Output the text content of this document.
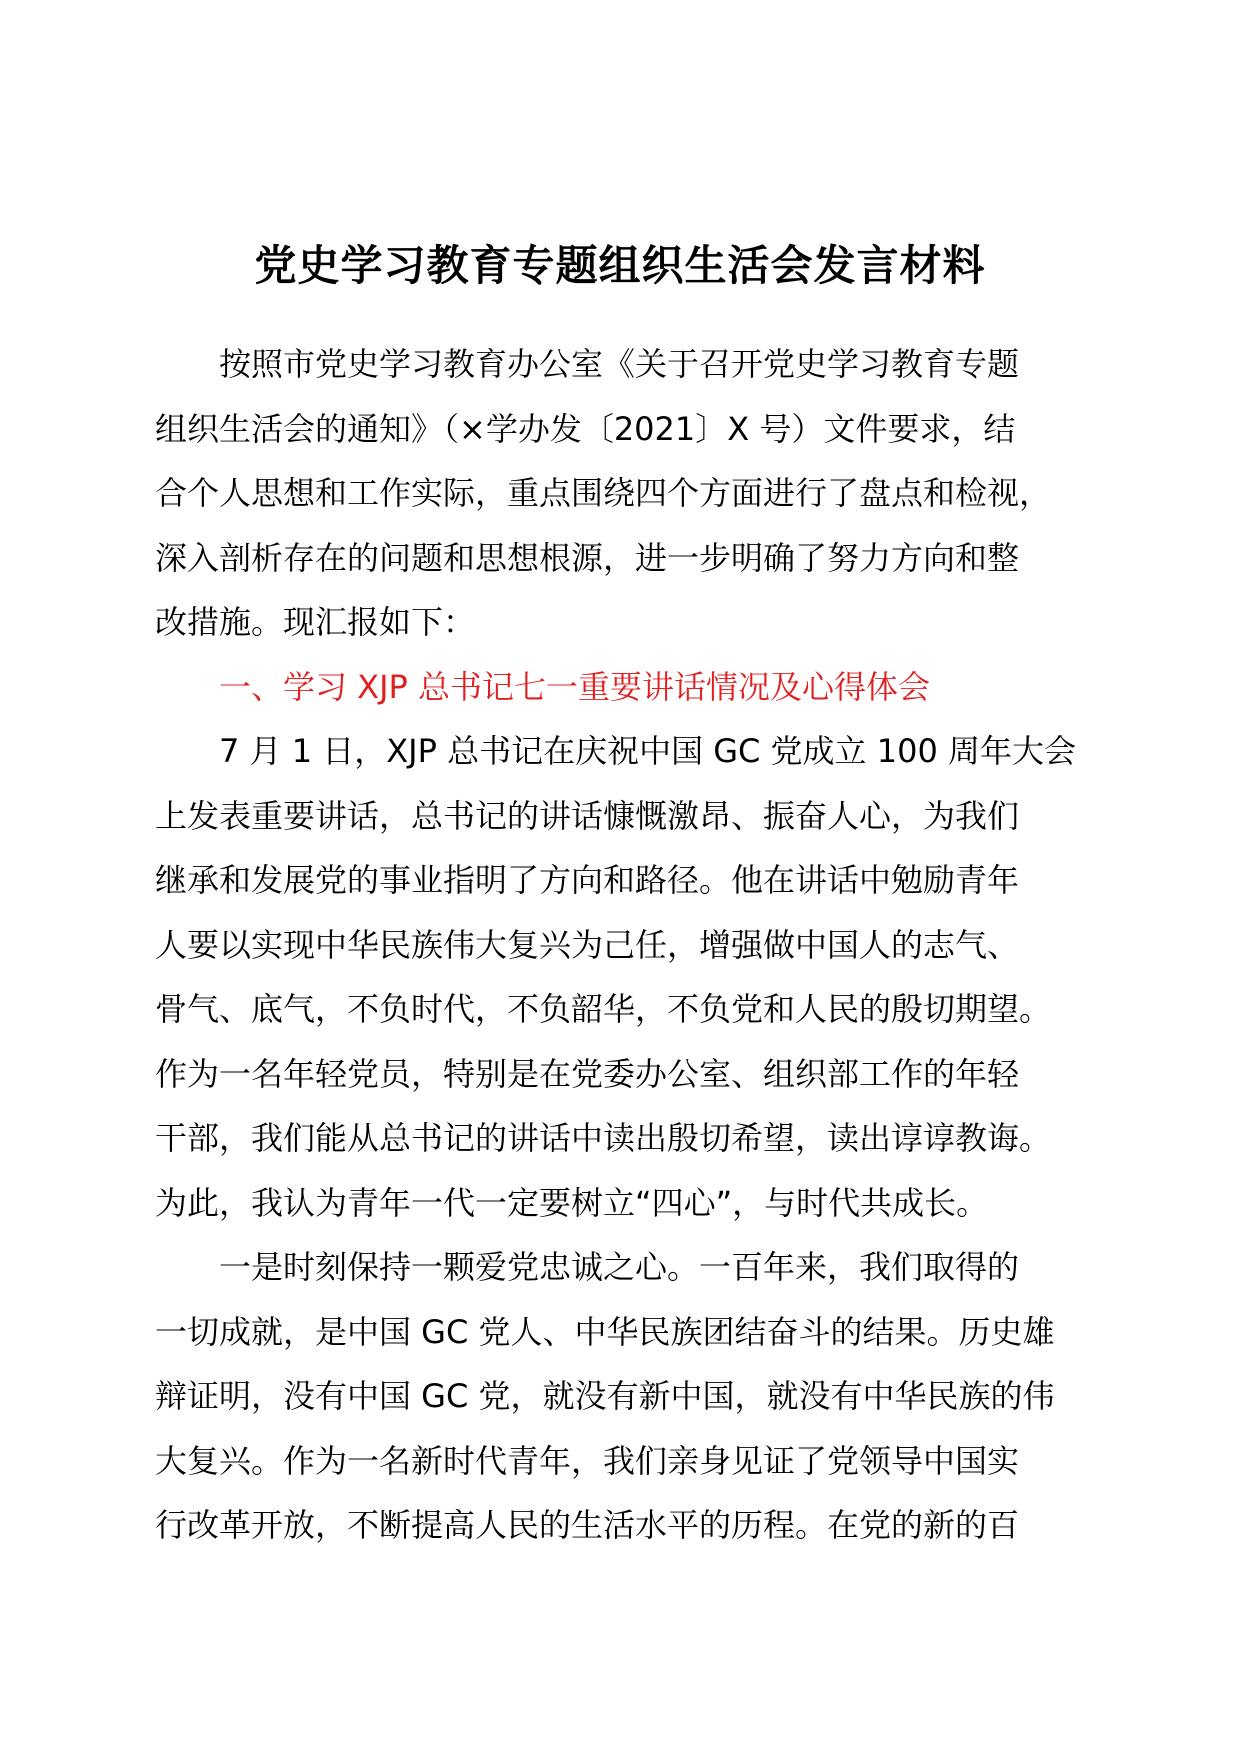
党史学习教育专题组织生活会发言材料
按照市党史学习教育办公室《关于召开党史学习教育专题
组织生活会的通知》（×学办发〔2021〕X 号）文件要求，结
合个人思想和工作实际，重点围绕四个方面进行了盘点和检视，
深入剖析存在的问题和思想根源，进一步明确了努力方向和整
改措施。现汇报如下：
一、学习 XJP 总书记七一重要讲话情况及心得体会
7 月 1 日，XJP 总书记在庆祝中国 GC 党成立 100 周年大会
上发表重要讲话，总书记的讲话慷慨激昂、振奋人心，为我们
继承和发展党的事业指明了方向和路径。他在讲话中勉励青年
人要以实现中华民族伟大复兴为己任，增强做中国人的志气、
骨气、底气，不负时代，不负韶华，不负党和人民的殷切期望。
作为一名年轻党员，特别是在党委办公室、组织部工作的年轻
干部，我们能从总书记的讲话中读出殷切希望，读出谆谆教诲。
为此，我认为青年一代一定要树立“四心”，与时代共成长。
一是时刻保持一颗爱党忠诚之心。一百年来，我们取得的
一切成就，是中国 GC 党人、中华民族团结奋斗的结果。历史雄
辩证明，没有中国 GC 党，就没有新中国，就没有中华民族的伟
大复兴。作为一名新时代青年，我们亲身见证了党领导中国实
行改革开放，不断提高人民的生活水平的历程。在党的新的百
